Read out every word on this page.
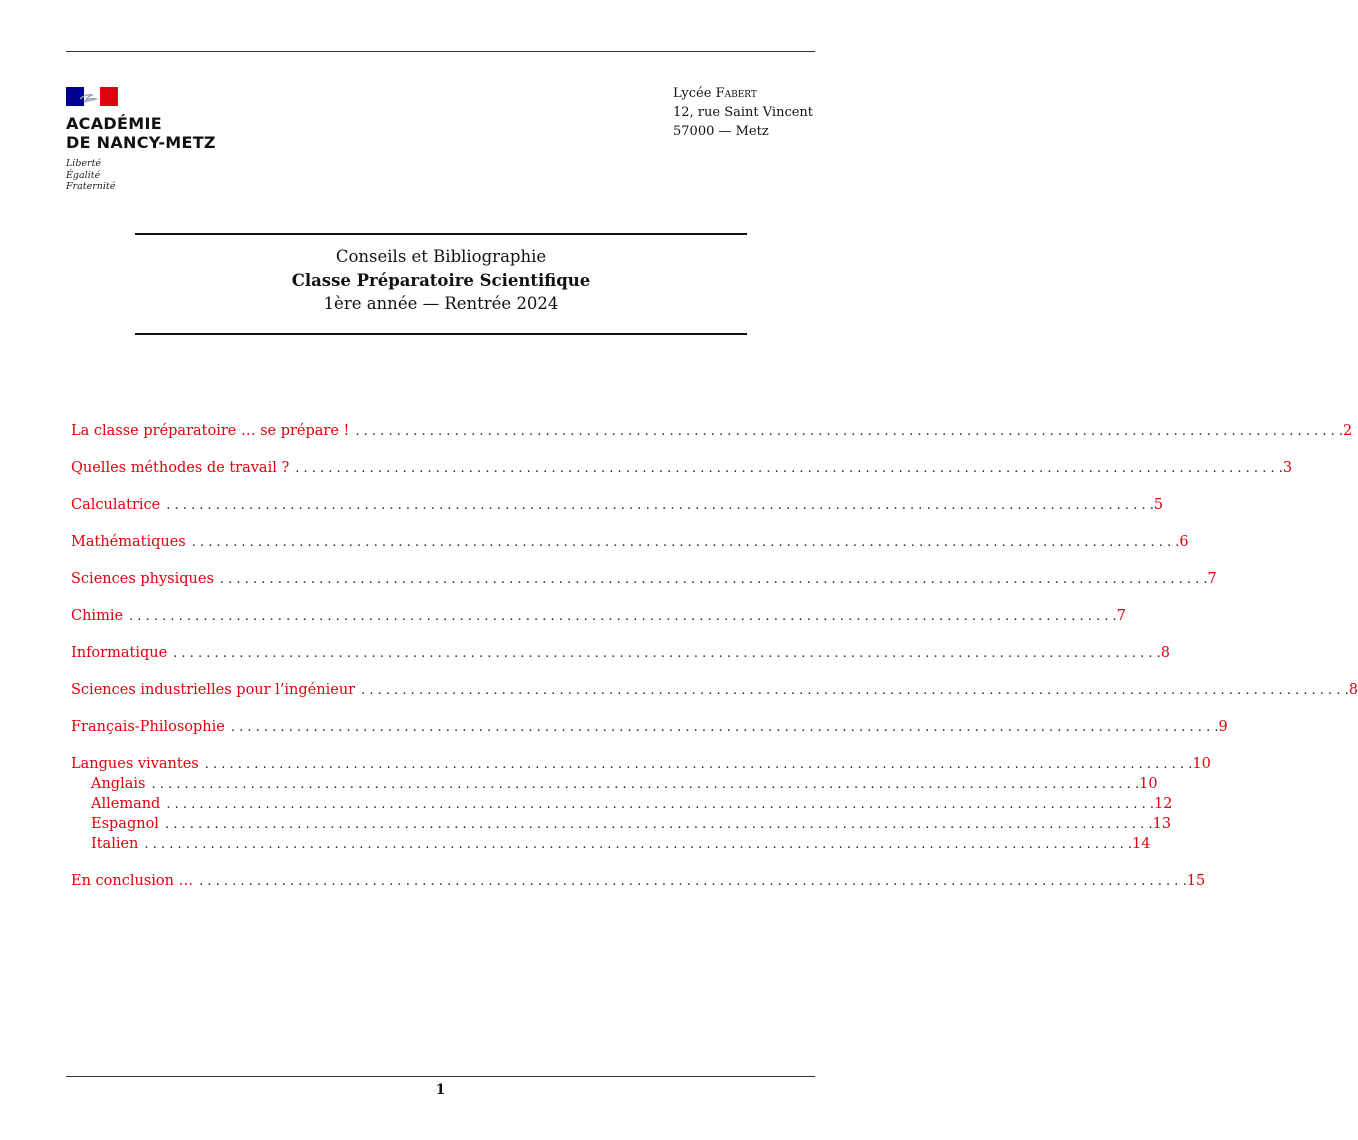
ACADÉMIE
DE NANCY-METZ
Liberté
Égalité
Fraternité
Lycée Fabert
12, rue Saint Vincent
57000 — Metz
Conseils et Bibliographie
Classe Préparatoire Scientifique
1ère année — Rentrée 2024
La classe préparatoire … se prépare ! . . . . . . . . . . . . . . . . . . . . . . . . . . . . . . . . . . . . . . . . . . . . . . . . . . . . . . . . . . . . . . . . . . . . . . . . . . . . . . . . . . . . . . . . . . . . . . . . . . . . . . . . . . . . . . . . . . . . . . . . 2
Quelles méthodes de travail ? . . . . . . . . . . . . . . . . . . . . . . . . . . . . . . . . . . . . . . . . . . . . . . . . . . . . . . . . . . . . . . . . . . . . . . . . . . . . . . . . . . . . . . . . . . . . . . . . . . . . . . . . . . . . . . . . . . . . . . . . 3
Calculatrice . . . . . . . . . . . . . . . . . . . . . . . . . . . . . . . . . . . . . . . . . . . . . . . . . . . . . . . . . . . . . . . . . . . . . . . . . . . . . . . . . . . . . . . . . . . . . . . . . . . . . . . . . . . . . . . . . . . . . . . . 5
Mathématiques . . . . . . . . . . . . . . . . . . . . . . . . . . . . . . . . . . . . . . . . . . . . . . . . . . . . . . . . . . . . . . . . . . . . . . . . . . . . . . . . . . . . . . . . . . . . . . . . . . . . . . . . . . . . . . . . . . . . . . . . 6
Sciences physiques . . . . . . . . . . . . . . . . . . . . . . . . . . . . . . . . . . . . . . . . . . . . . . . . . . . . . . . . . . . . . . . . . . . . . . . . . . . . . . . . . . . . . . . . . . . . . . . . . . . . . . . . . . . . . . . . . . . . . . . . 7
Chimie . . . . . . . . . . . . . . . . . . . . . . . . . . . . . . . . . . . . . . . . . . . . . . . . . . . . . . . . . . . . . . . . . . . . . . . . . . . . . . . . . . . . . . . . . . . . . . . . . . . . . . . . . . . . . . . . . . . . . . . . 7
Informatique . . . . . . . . . . . . . . . . . . . . . . . . . . . . . . . . . . . . . . . . . . . . . . . . . . . . . . . . . . . . . . . . . . . . . . . . . . . . . . . . . . . . . . . . . . . . . . . . . . . . . . . . . . . . . . . . . . . . . . . . 8
Sciences industrielles pour l’ingénieur . . . . . . . . . . . . . . . . . . . . . . . . . . . . . . . . . . . . . . . . . . . . . . . . . . . . . . . . . . . . . . . . . . . . . . . . . . . . . . . . . . . . . . . . . . . . . . . . . . . . . . . . . . . . . . . . . . . . . . . . 8
Français-Philosophie . . . . . . . . . . . . . . . . . . . . . . . . . . . . . . . . . . . . . . . . . . . . . . . . . . . . . . . . . . . . . . . . . . . . . . . . . . . . . . . . . . . . . . . . . . . . . . . . . . . . . . . . . . . . . . . . . . . . . . . . 9
Langues vivantes . . . . . . . . . . . . . . . . . . . . . . . . . . . . . . . . . . . . . . . . . . . . . . . . . . . . . . . . . . . . . . . . . . . . . . . . . . . . . . . . . . . . . . . . . . . . . . . . . . . . . . . . . . . . . . . . . . . . . . . . 10
Anglais . . . . . . . . . . . . . . . . . . . . . . . . . . . . . . . . . . . . . . . . . . . . . . . . . . . . . . . . . . . . . . . . . . . . . . . . . . . . . . . . . . . . . . . . . . . . . . . . . . . . . . . . . . . . . . . . . . . . . . . . 10
Allemand . . . . . . . . . . . . . . . . . . . . . . . . . . . . . . . . . . . . . . . . . . . . . . . . . . . . . . . . . . . . . . . . . . . . . . . . . . . . . . . . . . . . . . . . . . . . . . . . . . . . . . . . . . . . . . . . . . . . . . . . 12
Espagnol . . . . . . . . . . . . . . . . . . . . . . . . . . . . . . . . . . . . . . . . . . . . . . . . . . . . . . . . . . . . . . . . . . . . . . . . . . . . . . . . . . . . . . . . . . . . . . . . . . . . . . . . . . . . . . . . . . . . . . . . 13
Italien . . . . . . . . . . . . . . . . . . . . . . . . . . . . . . . . . . . . . . . . . . . . . . . . . . . . . . . . . . . . . . . . . . . . . . . . . . . . . . . . . . . . . . . . . . . . . . . . . . . . . . . . . . . . . . . . . . . . . . . . 14
En conclusion … . . . . . . . . . . . . . . . . . . . . . . . . . . . . . . . . . . . . . . . . . . . . . . . . . . . . . . . . . . . . . . . . . . . . . . . . . . . . . . . . . . . . . . . . . . . . . . . . . . . . . . . . . . . . . . . . . . . . . . . . 15
1
